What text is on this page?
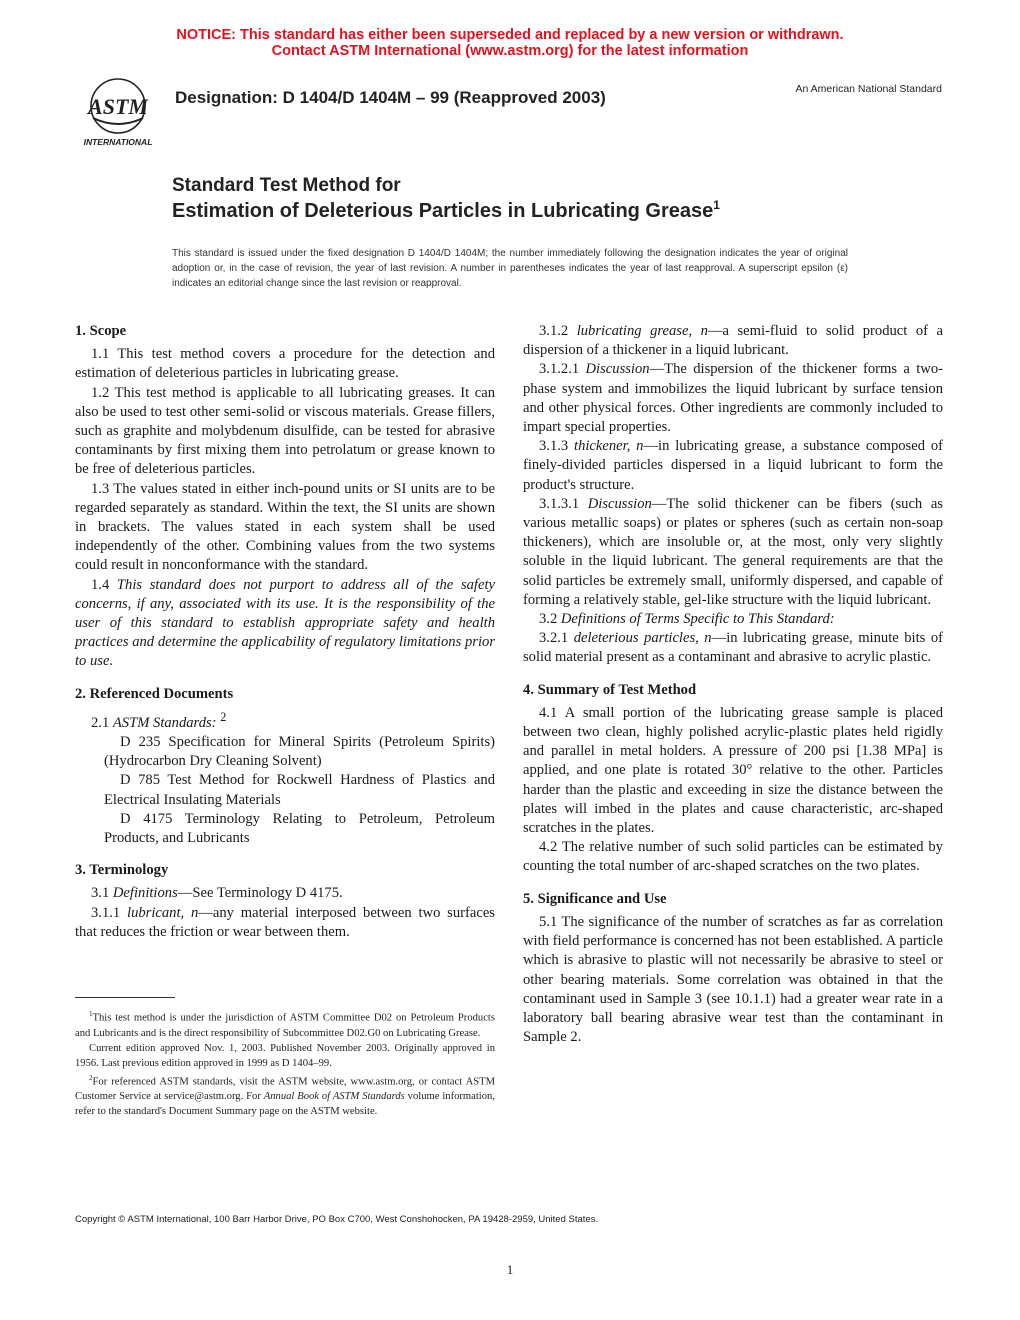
NOTICE: This standard has either been superseded and replaced by a new version or withdrawn.
Contact ASTM International (www.astm.org) for the latest information
ASTM
INTERNATIONAL
Designation: D 1404/D 1404M – 99 (Reapproved 2003)	An American National Standard
Standard Test Method for
Estimation of Deleterious Particles in Lubricating Grease$^1$
This standard is issued under the fixed designation D 1404/D 1404M; the number immediately following the designation indicates the year of original adoption or, in the case of revision, the year of last revision. A number in parentheses indicates the year of last reapproval. A superscript epsilon (ε) indicates an editorial change since the last revision or reapproval.
1. Scope

1.1 This test method covers a procedure for the detection and estimation of deleterious particles in lubricating grease.

1.2 This test method is applicable to all lubricating greases. It can also be used to test other semi-solid or viscous materials. Grease fillers, such as graphite and molybdenum disulfide, can be tested for abrasive contaminants by first mixing them into petrolatum or grease known to be free of deleterious particles.

1.3 The values stated in either inch-pound units or SI units are to be regarded separately as standard. Within the text, the SI units are shown in brackets. The values stated in each system shall be used independently of the other. Combining values from the two systems could result in nonconformance with the standard.

1.4 This standard does not purport to address all of the safety concerns, if any, associated with its use. It is the responsibility of the user of this standard to establish appropriate safety and health practices and determine the applicability of regulatory limitations prior to use.

2. Referenced Documents

2.1 ASTM Standards: $^2$

D 235 Specification for Mineral Spirits (Petroleum Spirits) (Hydrocarbon Dry Cleaning Solvent)

D 785 Test Method for Rockwell Hardness of Plastics and Electrical Insulating Materials

D 4175 Terminology Relating to Petroleum, Petroleum Products, and Lubricants

3. Terminology

3.1 Definitions—See Terminology D 4175.

3.1.1 lubricant, n—any material interposed between two surfaces that reduces the friction or wear between them.

3.1.2 lubricating grease, n—a semi-fluid to solid product of a dispersion of a thickener in a liquid lubricant.

3.1.2.1 Discussion—The dispersion of the thickener forms a two-phase system and immobilizes the liquid lubricant by surface tension and other physical forces. Other ingredients are commonly included to impart special properties.

3.1.3 thickener, n—in lubricating grease, a substance composed of finely-divided particles dispersed in a liquid lubricant to form the product's structure.

3.1.3.1 Discussion—The solid thickener can be fibers (such as various metallic soaps) or plates or spheres (such as certain non-soap thickeners), which are insoluble or, at the most, only very slightly soluble in the liquid lubricant. The general requirements are that the solid particles be extremely small, uniformly dispersed, and capable of forming a relatively stable, gel-like structure with the liquid lubricant.

3.2 Definitions of Terms Specific to This Standard:

3.2.1 deleterious particles, n—in lubricating grease, minute bits of solid material present as a contaminant and abrasive to acrylic plastic.

4. Summary of Test Method

4.1 A small portion of the lubricating grease sample is placed between two clean, highly polished acrylic-plastic plates held rigidly and parallel in metal holders. A pressure of 200 psi [1.38 MPa] is applied, and one plate is rotated 30° relative to the other. Particles harder than the plastic and exceeding in size the distance between the plates will imbed in the plates and cause characteristic, arc-shaped scratches in the plates.

4.2 The relative number of such solid particles can be estimated by counting the total number of arc-shaped scratches on the two plates.

5. Significance and Use

5.1 The significance of the number of scratches as far as correlation with field performance is concerned has not been established. A particle which is abrasive to plastic will not necessarily be abrasive to steel or other bearing materials. Some correlation was obtained in that the contaminant used in Sample 3 (see 10.1.1) had a greater wear rate in a laboratory ball bearing abrasive wear test than the contaminant in Sample 2.

$^1$This test method is under the jurisdiction of ASTM Committee D02 on Petroleum Products and Lubricants and is the direct responsibility of Subcommittee D02.G0 on Lubricating Grease.

Current edition approved Nov. 1, 2003. Published November 2003. Originally approved in 1956. Last previous edition approved in 1999 as D 1404–99.

$^2$For referenced ASTM standards, visit the ASTM website, www.astm.org, or contact ASTM Customer Service at service@astm.org. For Annual Book of ASTM Standards volume information, refer to the standard's Document Summary page on the ASTM website.

Copyright © ASTM International, 100 Barr Harbor Drive, PO Box C700, West Conshohocken, PA 19428-2959, United States.
1
